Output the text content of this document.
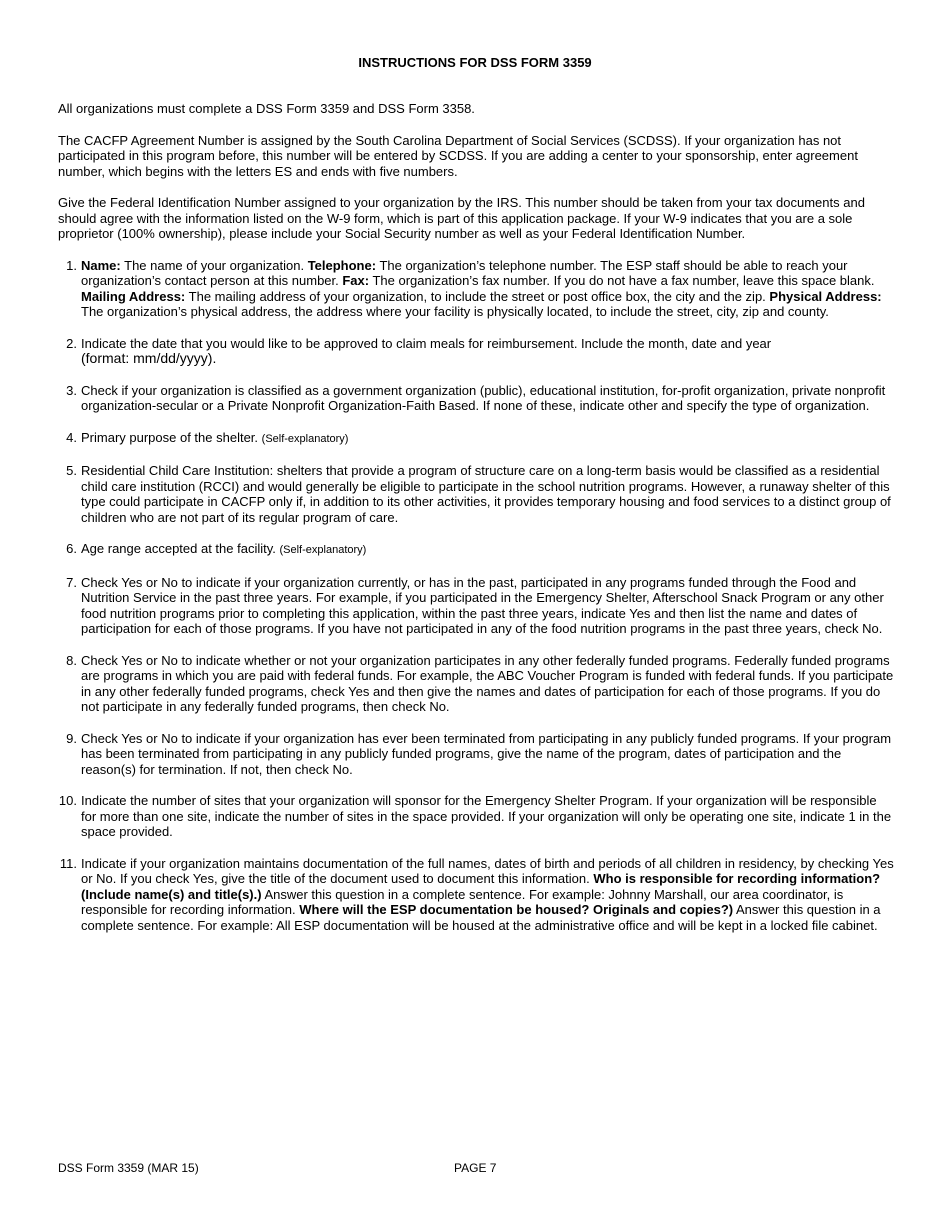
INSTRUCTIONS FOR DSS FORM 3359

All organizations must complete a DSS Form 3359 and DSS Form 3358.

The CACFP Agreement Number is assigned by the South Carolina Department of Social Services (SCDSS). If your organization has not participated in this program before, this number will be entered by SCDSS. If you are adding a center to your sponsorship, enter agreement number, which begins with the letters ES and ends with five numbers.

Give the Federal Identification Number assigned to your organization by the IRS. This number should be taken from your tax documents and should agree with the information listed on the W-9 form, which is part of this application package. If your W-9 indicates that you are a sole proprietor (100% ownership), please include your Social Security number as well as your Federal Identification Number.

1. Name: The name of your organization. Telephone: The organization’s telephone number. The ESP staff should be able to reach your organization’s contact person at this number. Fax: The organization’s fax number. If you do not have a fax number, leave this space blank. Mailing Address: The mailing address of your organization, to include the street or post office box, the city and the zip. Physical Address: The organization’s physical address, the address where your facility is physically located, to include the street, city, zip and county.
2. Indicate the date that you would like to be approved to claim meals for reimbursement. Include the month, date and year
(format: mm/dd/yyyy).
3. Check if your organization is classified as a government organization (public), educational institution, for-profit organization, private nonprofit organization-secular or a Private Nonprofit Organization-Faith Based. If none of these, indicate other and specify the type of organization.
4. Primary purpose of the shelter. (Self-explanatory)
5. Residential Child Care Institution: shelters that provide a program of structure care on a long-term basis would be classified as a residential child care institution (RCCI) and would generally be eligible to participate in the school nutrition programs. However, a runaway shelter of this type could participate in CACFP only if, in addition to its other activities, it provides temporary housing and food services to a distinct group of children who are not part of its regular program of care.
6. Age range accepted at the facility. (Self-explanatory)
7. Check Yes or No to indicate if your organization currently, or has in the past, participated in any programs funded through the Food and Nutrition Service in the past three years. For example, if you participated in the Emergency Shelter, Afterschool Snack Program or any other food nutrition programs prior to completing this application, within the past three years, indicate Yes and then list the name and dates of participation for each of those programs. If you have not participated in any of the food nutrition programs in the past three years, check No.
8. Check Yes or No to indicate whether or not your organization participates in any other federally funded programs. Federally funded programs are programs in which you are paid with federal funds. For example, the ABC Voucher Program is funded with federal funds. If you participate in any other federally funded programs, check Yes and then give the names and dates of participation for each of those programs. If you do not participate in any federally funded programs, then check No.
9. Check Yes or No to indicate if your organization has ever been terminated from participating in any publicly funded programs. If your program has been terminated from participating in any publicly funded programs, give the name of the program, dates of participation and the reason(s) for termination. If not, then check No.
10. Indicate the number of sites that your organization will sponsor for the Emergency Shelter Program. If your organization will be responsible for more than one site, indicate the number of sites in the space provided. If your organization will only be operating one site, indicate 1 in the space provided.
11. Indicate if your organization maintains documentation of the full names, dates of birth and periods of all children in residency, by checking Yes or No. If you check Yes, give the title of the document used to document this information. Who is responsible for recording information? (Include name(s) and title(s).) Answer this question in a complete sentence. For example: Johnny Marshall, our area coordinator, is responsible for recording information. Where will the ESP documentation be housed? Originals and copies?) Answer this question in a complete sentence. For example: All ESP documentation will be housed at the administrative office and will be kept in a locked file cabinet.
DSS Form 3359 (MAR 15)	PAGE 7
